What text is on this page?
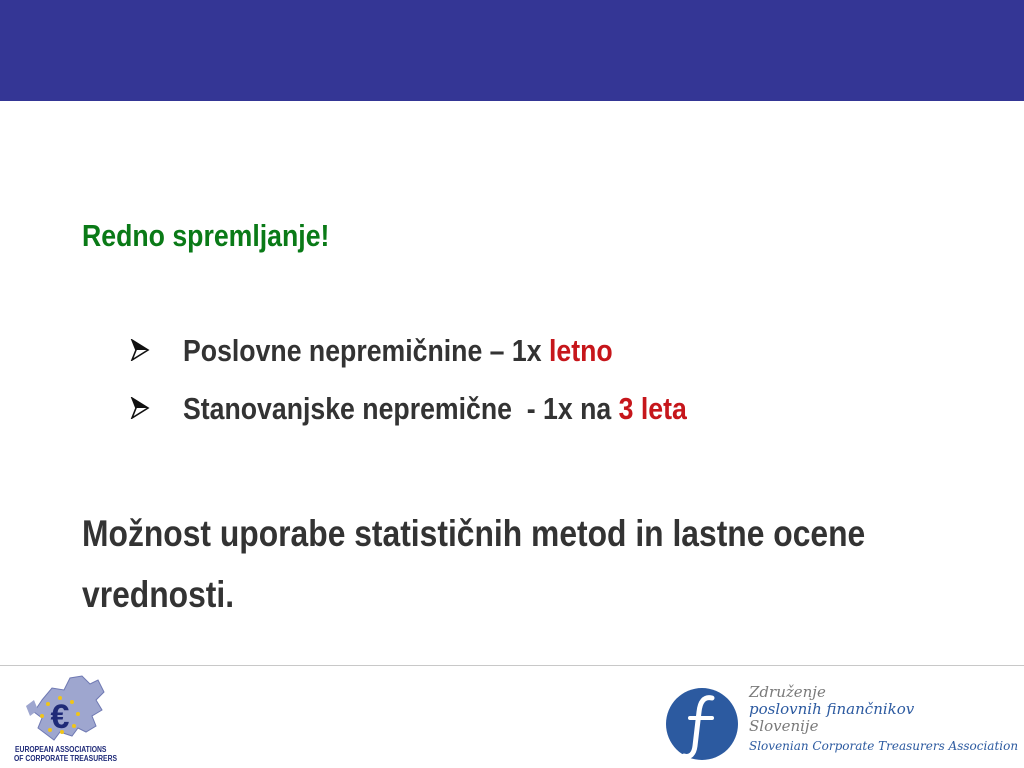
Redno spremljanje!
Poslovne nepremičnine – 1x letno
Stanovanjske nepremične  - 1x na 3 leta
Možnost uporabe statističnih metod in lastne ocene
vrednosti.
€
EUROPEAN ASSOCIATIONS
OF CORPORATE TREASURERS
Združenje
poslovnih finančnikov
Slovenije
Slovenian Corporate Treasurers Association
